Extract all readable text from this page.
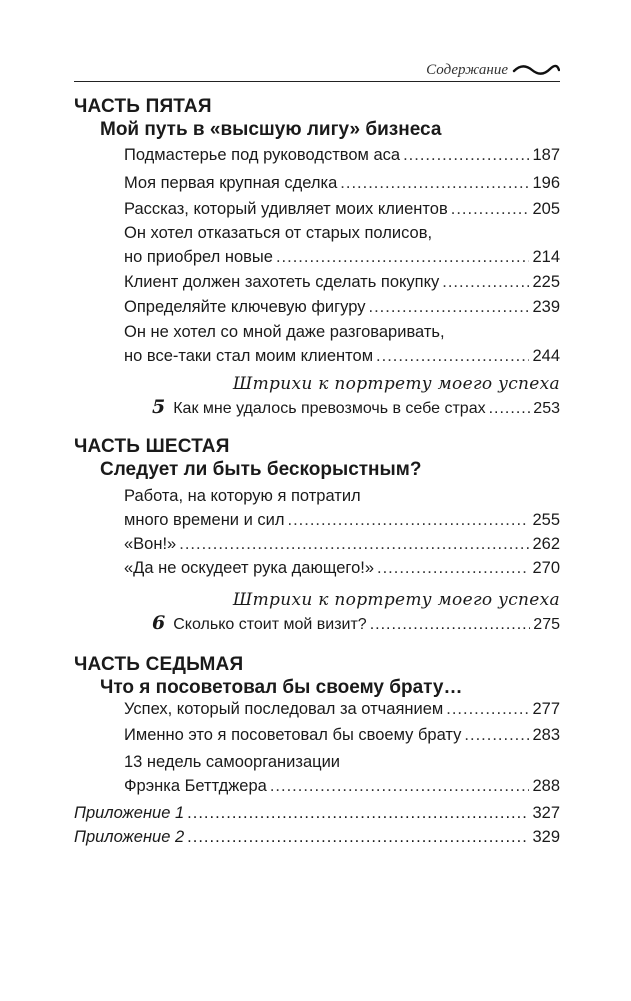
Содержание
ЧАСТЬ ПЯТАЯ
Мой путь в «высшую лигу» бизнеса
Подмастерье под руководством аса .....	187
Моя первая крупная сделка .....	196
Рассказ, который удивляет моих клиентов .....	205
Он хотел отказаться от старых полисов,
но приобрел новые .....	214
Клиент должен захотеть сделать покупку .....	225
Определяйте ключевую фигуру .....	239
Он не хотел со мной даже разговаривать,
но все-таки стал моим клиентом .....	244
Штрихи к портрету моего успеха
5 Как мне удалось превозмочь в себе страх .....	253
ЧАСТЬ ШЕСТАЯ
Следует ли быть бескорыстным?
Работа, на которую я потратил
много времени и сил .....	255
«Вон!» .....	262
«Да не оскудеет рука дающего!» .....	270
Штрихи к портрету моего успеха
6 Сколько стоит мой визит? .....	275
ЧАСТЬ СЕДЬМАЯ
Что я посоветовал бы своему брату…
Успех, который последовал за отчаянием .....	277
Именно это я посоветовал бы своему брату .....	283
13 недель самоорганизации
Фрэнка Беттджера .....	288
Приложение 1 .....	327
Приложение 2 .....	329
